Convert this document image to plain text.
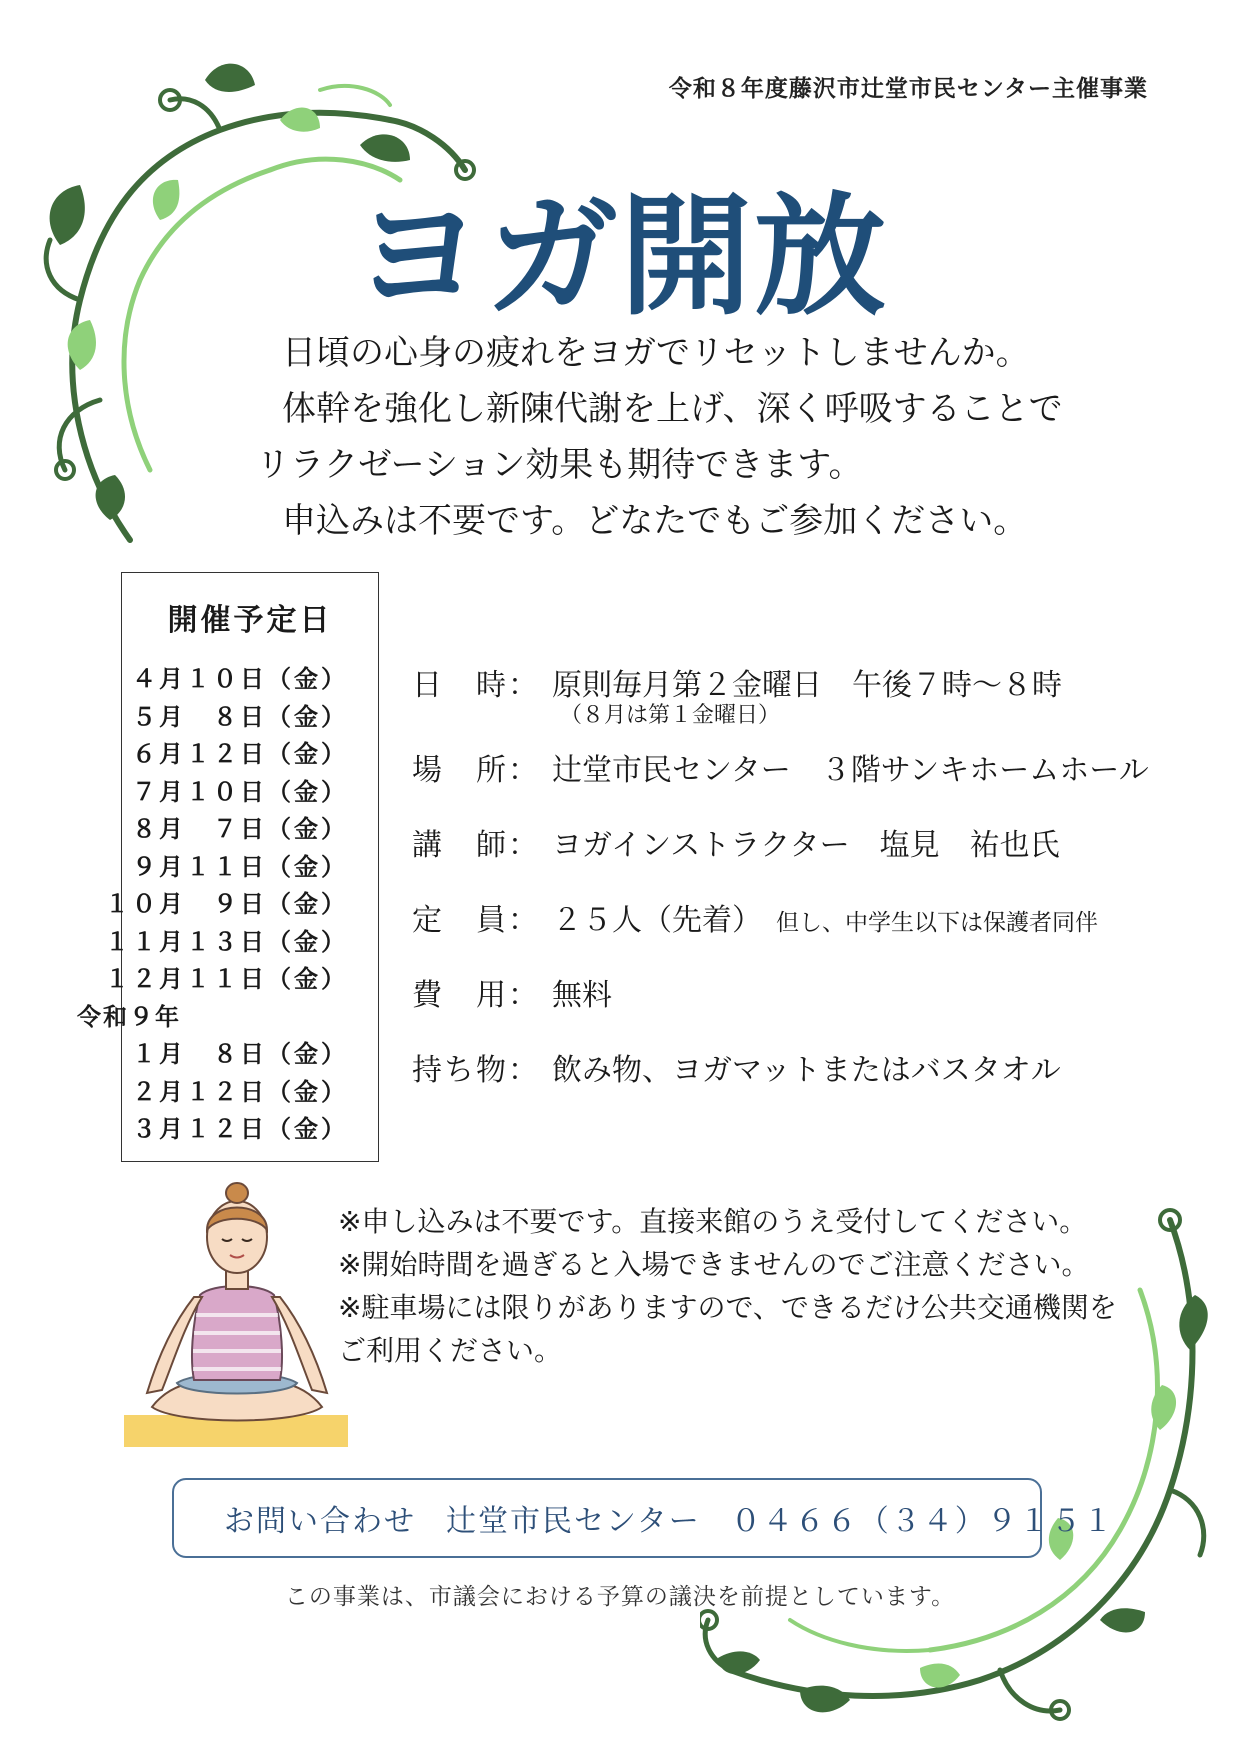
令和８年度藤沢市辻堂市民センター主催事業
ヨガ開放

日頃の心身の疲れをヨガでリセットしませんか。

体幹を強化し新陳代謝を上げ、深く呼吸することで

リラクゼーション効果も期待できます。

申込みは不要です。どなたでもご参加ください。

開催予定日
４月１０日（金）
５月　８日（金）
６月１２日（金）
７月１０日（金）
８月　７日（金）
９月１１日（金）
１０月　９日（金）
１１月１３日（金）
１２月１１日（金）
令和９年
１月　８日（金）
２月１２日（金）
３月１２日（金）
日　時： 原則毎月第２金曜日　午後７時～８時
（８月は第１金曜日）
場　所： 辻堂市民センター　３階サンキホームホール
講　師： ヨガインストラクター　塩見　祐也氏
定　員： ２５人（先着） 但し、中学生以下は保護者同伴
費　用： 無料
持ち物： 飲み物、ヨガマットまたはバスタオル

※申し込みは不要です。直接来館のうえ受付してください。

※開始時間を過ぎると入場できませんのでご注意ください。

※駐車場には限りがありますので、できるだけ公共交通機関を

ご利用ください。

お問い合わせ 辻堂市民センター ０４６６（３４）９１５１
この事業は、市議会における予算の議決を前提としています。
